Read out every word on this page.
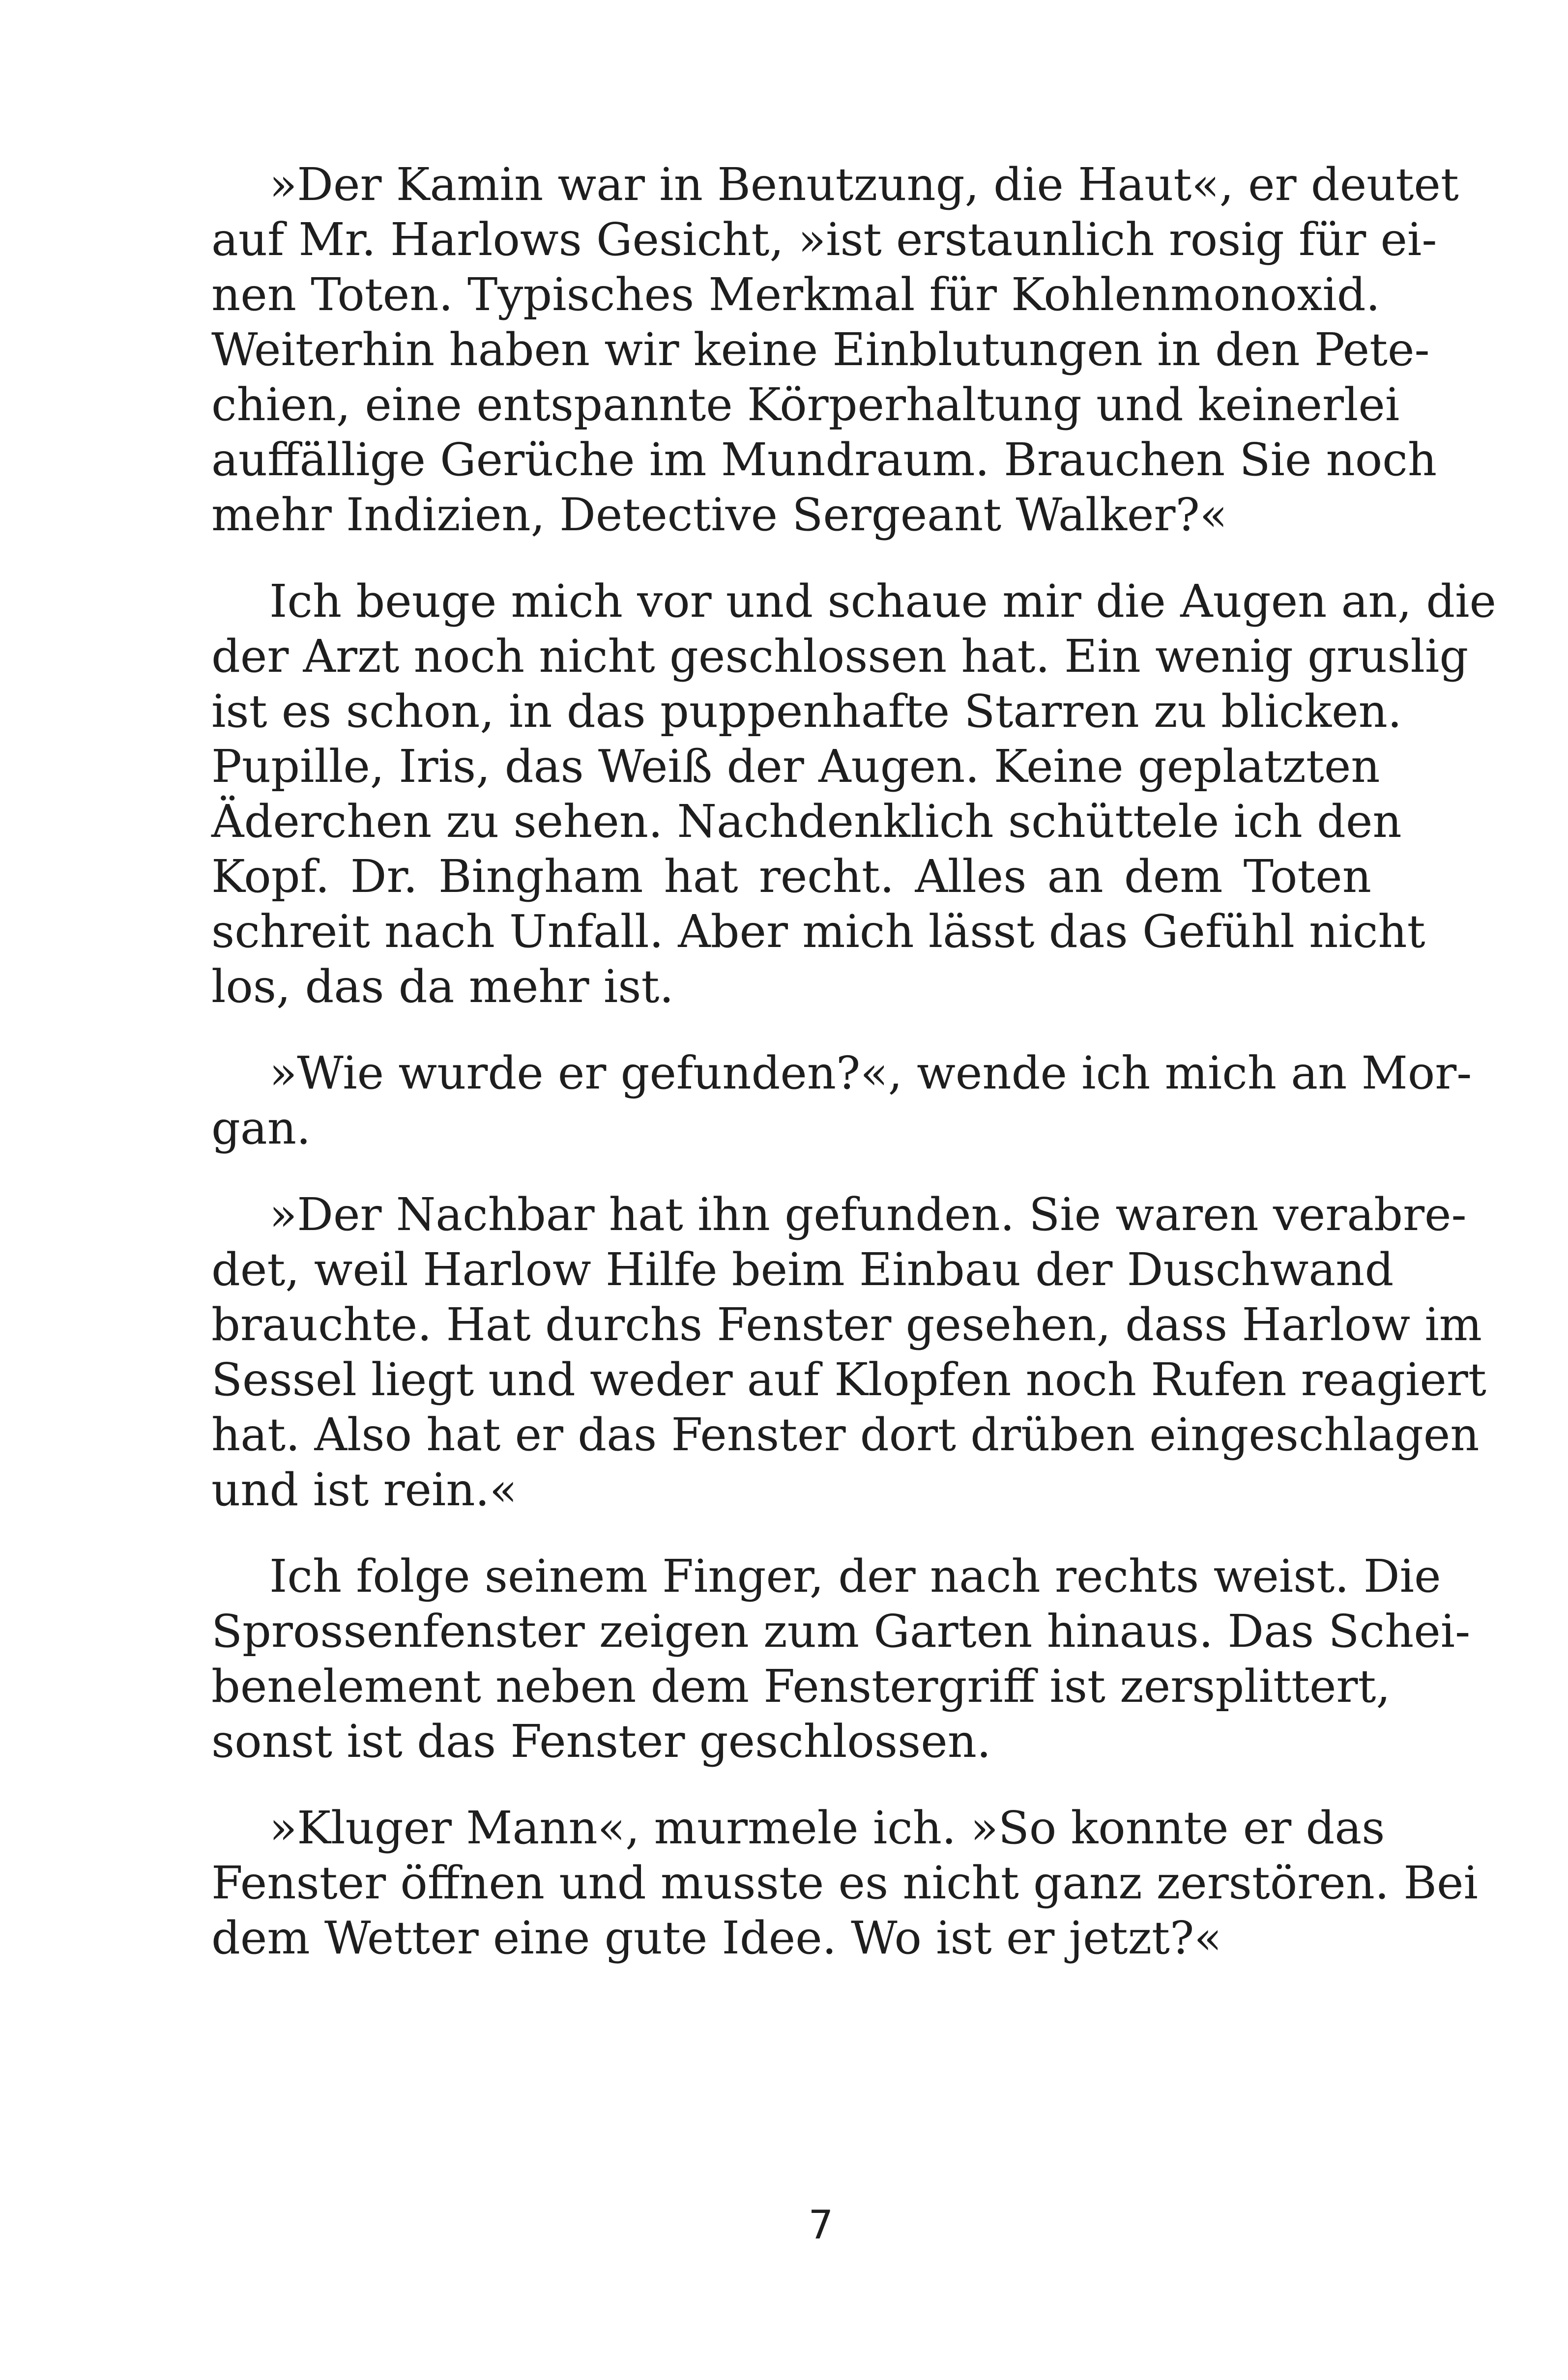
»Der Kamin war in Benutzung, die Haut«, er deutet
auf Mr. Harlows Gesicht, »ist erstaunlich rosig für ei-
nen Toten. Typisches Merkmal für Kohlenmonoxid.
Weiterhin haben wir keine Einblutungen in den Pete-
chien, eine entspannte Körperhaltung und keinerlei
auffällige Gerüche im Mundraum. Brauchen Sie noch
mehr Indizien, Detective Sergeant Walker?«
Ich beuge mich vor und schaue mir die Augen an, die
der Arzt noch nicht geschlossen hat. Ein wenig gruslig
ist es schon, in das puppenhafte Starren zu blicken.
Pupille, Iris, das Weiß der Augen. Keine geplatzten
Äderchen zu sehen. Nachdenklich schüttele ich den
Kopf. Dr. Bingham hat recht. Alles an dem Toten
schreit nach Unfall. Aber mich lässt das Gefühl nicht
los, das da mehr ist.
»Wie wurde er gefunden?«, wende ich mich an Mor-
gan.
»Der Nachbar hat ihn gefunden. Sie waren verabre-
det, weil Harlow Hilfe beim Einbau der Duschwand
brauchte. Hat durchs Fenster gesehen, dass Harlow im
Sessel liegt und weder auf Klopfen noch Rufen reagiert
hat. Also hat er das Fenster dort drüben eingeschlagen
und ist rein.«
Ich folge seinem Finger, der nach rechts weist. Die
Sprossenfenster zeigen zum Garten hinaus. Das Schei-
benelement neben dem Fenstergriff ist zersplittert,
sonst ist das Fenster geschlossen.
»Kluger Mann«, murmele ich. »So konnte er das
Fenster öffnen und musste es nicht ganz zerstören. Bei
dem Wetter eine gute Idee. Wo ist er jetzt?«
7
